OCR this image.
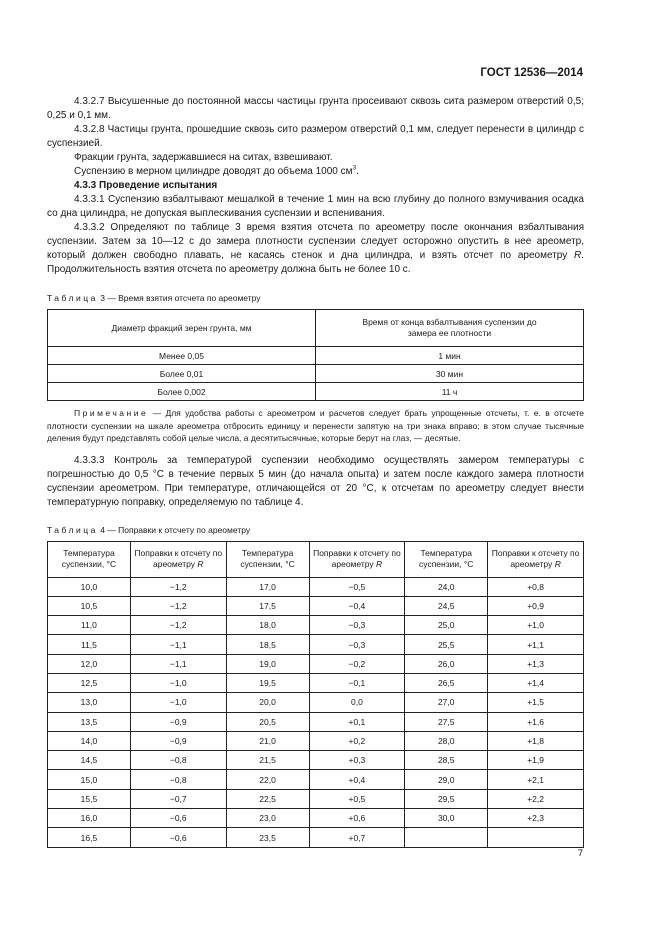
ГОСТ 12536—2014

4.3.2.7 Высушенные до постоянной массы частицы грунта просеивают сквозь сита размером отверстий 0,5; 0,25 и 0,1 мм.

4.3.2.8 Частицы грунта, прошедшие сквозь сито размером отверстий 0,1 мм, следует перенести в цилиндр с суспензией.

Фракции грунта, задержавшиеся на ситах, взвешивают.

Суспензию в мерном цилиндре доводят до объема 1000 $см^3$.

4.3.3 Проведение испытания

4.3.3.1 Суспензию взбалтывают мешалкой в течение 1 мин на всю глубину до полного взмучивания осадка со дна цилиндра, не допуская выплескивания суспензии и вспенивания.

4.3.3.2 Определяют по таблице 3 время взятия отсчета по ареометру после окончания взбалтывания суспензии. Затем за 10—12 с до замера плотности суспензии следует осторожно опустить в нее ареометр, который должен свободно плавать, не касаясь стенок и дна цилиндра, и взять отсчет по ареометру R. Продолжительность взятия отсчета по ареометру должна быть не более 10 с.

Таблица 3 — Время взятия отсчета по ареометру

Диаметр фракций зерен грунта, мм	Время от конца взбалтывания суспензии до замера ее плотности
Менее 0,05	1 мин
Более 0,01	30 мин
Более 0,002	11 ч

Примечание — Для удобства работы с ареометром и расчетов следует брать упрощенные отсчеты, т. е. в отсчете плотности суспензии на шкале ареометра отбросить единицу и перенести запятую на три знака вправо; в этом случае тысячные деления будут представлять собой целые числа, а десятитысячные, которые берут на глаз, — десятые.

4.3.3.3 Контроль за температурой суспензии необходимо осуществлять замером температуры с погрешностью до 0,5 °С в течение первых 5 мин (до начала опыта) и затем после каждого замера плотности суспензии ареометром. При температуре, отличающейся от 20 °С, к отсчетам по ареометру следует внести температурную поправку, определяемую по таблице 4.

Таблица 4 — Поправки к отсчету по ареометру

Температура суспензии, °С	Поправки к отсчету по ареометру R	Температура суспензии, °С	Поправки к отсчету по ареометру R	Температура суспензии, °С	Поправки к отсчету по ареометру R
10,0	−1,2	17,0	−0,5	24,0	+0,8
10,5	−1,2	17,5	−0,4	24,5	+0,9
11,0	−1,2	18,0	−0,3	25,0	+1,0
11,5	−1,1	18,5	−0,3	25,5	+1,1
12,0	−1,1	19,0	−0,2	26,0	+1,3
12,5	−1,0	19,5	−0,1	26,5	+1,4
13,0	−1,0	20,0	0,0	27,0	+1,5
13,5	−0,9	20,5	+0,1	27,5	+1,6
14,0	−0,9	21,0	+0,2	28,0	+1,8
14,5	−0,8	21,5	+0,3	28,5	+1,9
15,0	−0,8	22,0	+0,4	29,0	+2,1
15,5	−0,7	22,5	+0,5	29,5	+2,2
16,0	−0,6	23,0	+0,6	30,0	+2,3
16,5	−0,6	23,5	+0,7		
7
